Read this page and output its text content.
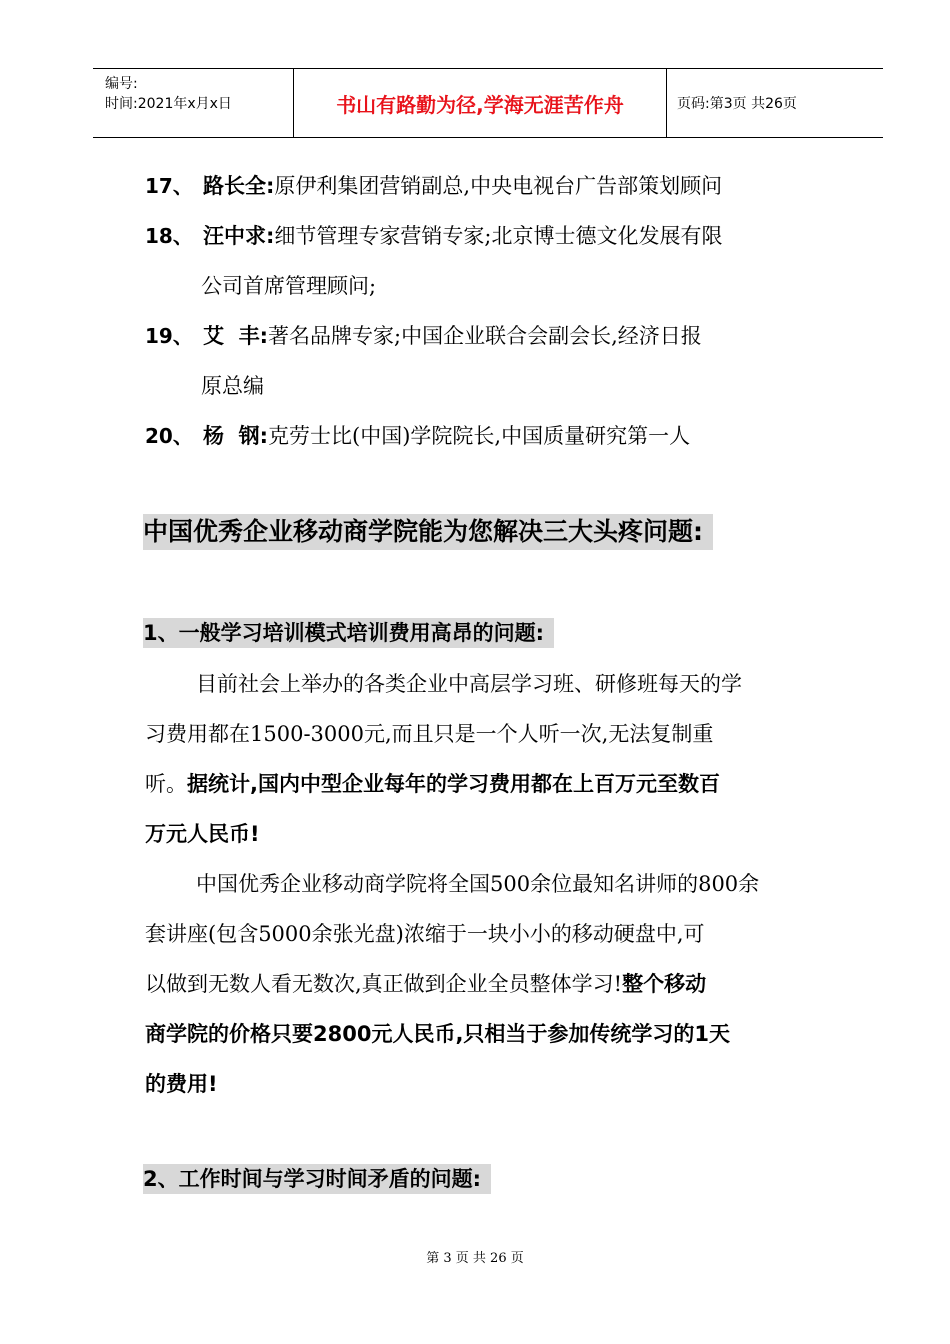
编号:
时间:2021年x月x日	书山有路勤为径,学海无涯苦作舟	页码:第3页 共26页
17、 路长全:原伊利集团营销副总,中央电视台广告部策划顾问
18、 汪中求:细节管理专家营销专家;北京博士德文化发展有限
公司首席管理顾问;
19、 艾  丰:著名品牌专家;中国企业联合会副会长,经济日报
原总编
20、 杨  钢:克劳士比(中国)学院院长,中国质量研究第一人
中国优秀企业移动商学院能为您解决三大头疼问题:
1、一般学习培训模式培训费用高昂的问题:
目前社会上举办的各类企业中高层学习班、研修班每天的学
习费用都在1500-3000元,而且只是一个人听一次,无法复制重
听。据统计,国内中型企业每年的学习费用都在上百万元至数百
万元人民币!
中国优秀企业移动商学院将全国500余位最知名讲师的800余
套讲座(包含5000余张光盘)浓缩于一块小小的移动硬盘中,可
以做到无数人看无数次,真正做到企业全员整体学习!整个移动
商学院的价格只要2800元人民币,只相当于参加传统学习的1天
的费用!
2、工作时间与学习时间矛盾的问题:
第 3 页 共 26 页
